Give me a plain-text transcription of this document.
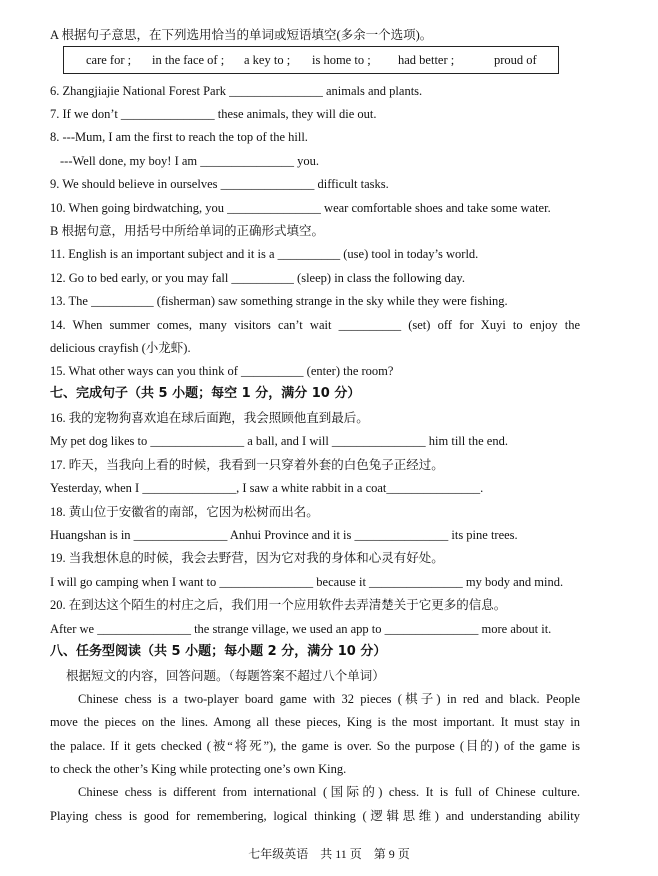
A 根据句子意思，在下列选用恰当的单词或短语填空(多余一个选项)。
care for ; in the face of ; a key to ; is home to ; had better ;	proud of
6. Zhangjiajie National Forest Park _______________ animals and plants.
7. If we don’t _______________ these animals, they will die out.
8. ---Mum, I am the first to reach the top of the hill.
---Well done, my boy! I am _______________ you.
9. We should believe in ourselves _______________ difficult tasks.
10. When going birdwatching, you _______________ wear comfortable shoes and take some water.
B 根据句意，用括号中所给单词的正确形式填空。
11. English is an important subject and it is a __________ (use) tool in today’s world.
12. Go to bed early, or you may fall __________ (sleep) in class the following day.
13. The __________ (fisherman) saw something strange in the sky while they were fishing.
14. When summer comes, many visitors can’t wait __________ (set) off for Xuyi to enjoy the
delicious crayfish (小龙虾).
15. What other ways can you think of __________ (enter) the room?
七、完成句子（共 5 小题；每空 1 分，满分 10 分）
16. 我的宠物狗喜欢追在球后面跑，我会照顾他直到最后。
My pet dog likes to _______________ a ball, and I will _______________ him till the end.
17. 昨天，当我向上看的时候，我看到一只穿着外套的白色兔子正经过。
Yesterday, when I _______________, I saw a white rabbit in a coat_______________.
18. 黄山位于安徽省的南部，它因为松树而出名。
Huangshan is in _______________ Anhui Province and it is _______________ its pine trees.
19. 当我想休息的时候，我会去野营，因为它对我的身体和心灵有好处。
I will go camping when I want to _______________ because it _______________ my body and mind.
20. 在到达这个陌生的村庄之后，我们用一个应用软件去弄清楚关于它更多的信息。
After we _______________ the strange village, we used an app to _______________ more about it.
八、任务型阅读（共 5 小题；每小题 2 分，满分 10 分）
根据短文的内容，回答问题。（每题答案不超过八个单词）
Chinese chess is a two-player board game with 32 pieces (棋子) in red and black. People
move the pieces on the lines. Among all these pieces, King is the most important. It must stay in
the palace. If it gets checked (被“将死”), the game is over. So the purpose (目的) of the game is
to check the other’s King while protecting one’s own King.
Chinese chess is different from international (国际的) chess. It is full of Chinese culture.
Playing chess is good for remembering, logical thinking (逻辑思维) and understanding ability
七年级英语　共 11 页　第 9 页
